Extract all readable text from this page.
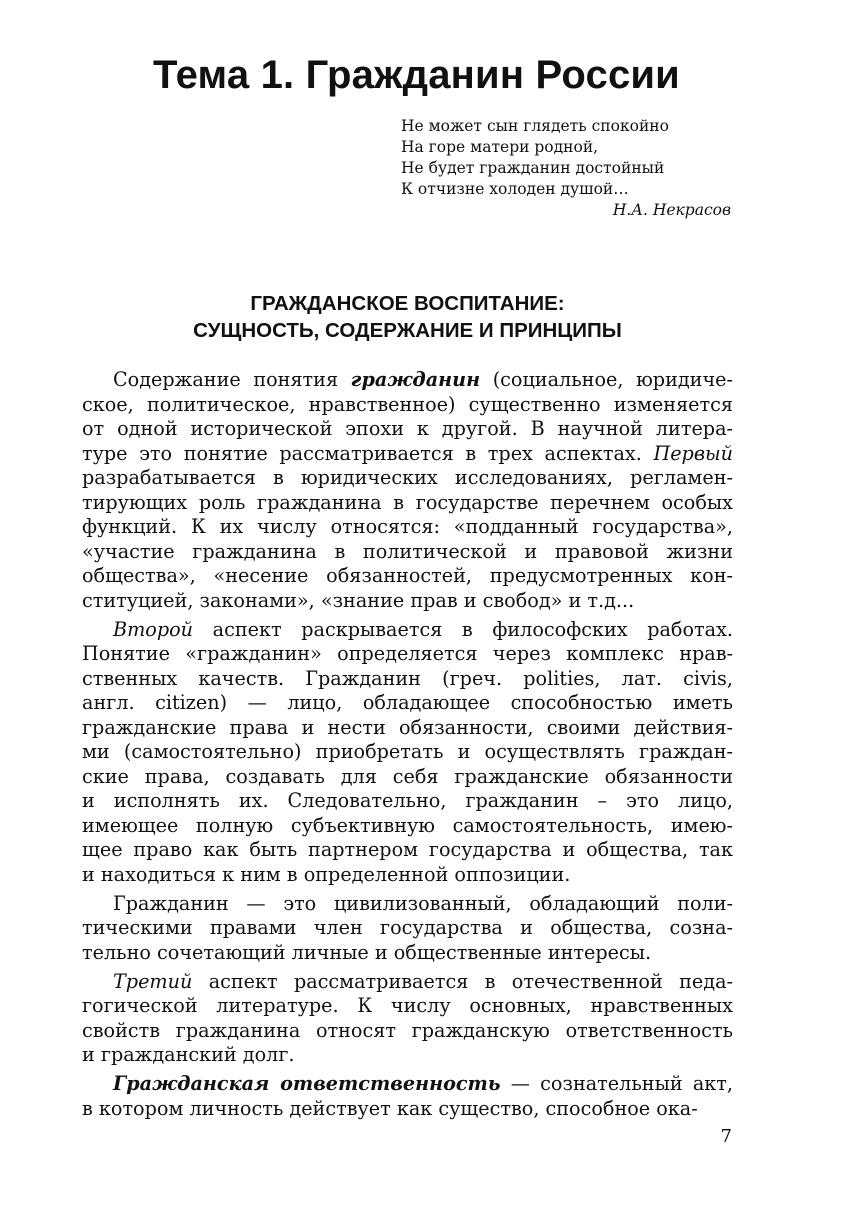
Тема 1. Гражданин России
Не может сын глядеть спокойно
На горе матери родной,
Не будет гражданин достойный
К отчизне холоден душой…
Н.А. Некрасов
ГРАЖДАНСКОЕ ВОСПИТАНИЕ:
СУЩНОСТЬ, СОДЕРЖАНИЕ И ПРИНЦИПЫ

Содержание понятия гражданин (социальное, юридиче-
ское, политическое, нравственное) существенно изменяется
от одной исторической эпохи к другой. В научной литера-
туре это понятие рассматривается в трех аспектах. Первый
разрабатывается в юридических исследованиях, регламен-
тирующих роль гражданина в государстве перечнем особых
функций. К их числу относятся: «подданный государства»,
«участие гражданина в политической и правовой жизни
общества», «несение обязанностей, предусмотренных кон-
ституцией, законами», «знание прав и свобод» и т.д...

Второй аспект раскрывается в философских работах.
Понятие «гражданин» определяется через комплекс нрав-
ственных качеств. Гражданин (греч. polities, лат. civis,
англ. citizen) — лицо, обладающее способностью иметь
гражданские права и нести обязанности, своими действия-
ми (самостоятельно) приобретать и осуществлять граждан-
ские права, создавать для себя гражданские обязанности
и исполнять их. Следовательно, гражданин – это лицо,
имеющее полную субъективную самостоятельность, имею-
щее право как быть партнером государства и общества, так
и находиться к ним в определенной оппозиции.

Гражданин — это цивилизованный, обладающий поли-
тическими правами член государства и общества, созна-
тельно сочетающий личные и общественные интересы.

Третий аспект рассматривается в отечественной педа-
гогической литературе. К числу основных, нравственных
свойств гражданина относят гражданскую ответственность
и гражданский долг.

Гражданская ответственность — сознательный акт,
в котором личность действует как существо, способное ока-

7
